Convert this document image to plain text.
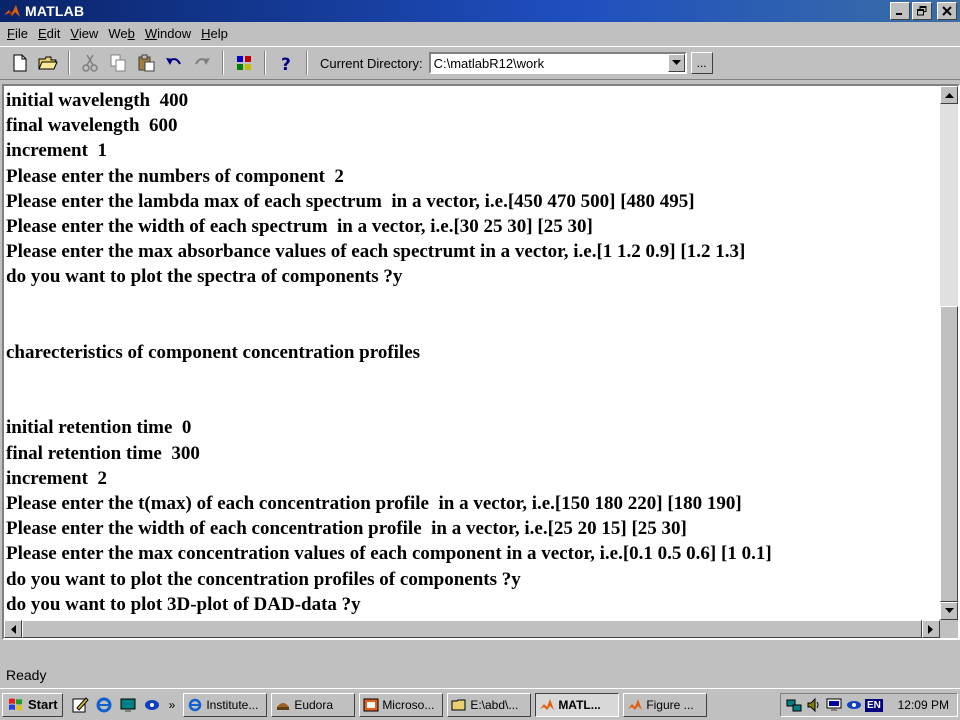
MATLAB
File Edit View Web Window Help
? Current Directory: C:\matlabR12\work	...
initial wavelength  400
final wavelength  600
increment  1
Please enter the numbers of component  2
Please enter the lambda max of each spectrum  in a vector, i.e.[450 470 500] [480 495]
Please enter the width of each spectrum  in a vector, i.e.[30 25 30] [25 30]
Please enter the max absorbance values of each spectrumt in a vector, i.e.[1 1.2 0.9] [1.2 1.3]
do you want to plot the spectra of components ?y
charecteristics of component concentration profiles
initial retention time  0
final retention time  300
increment  2
Please enter the t(max) of each concentration profile  in a vector, i.e.[150 180 220] [180 190]
Please enter the width of each concentration profile  in a vector, i.e.[25 20 15] [25 30]
Please enter the max concentration values of each component in a vector, i.e.[0.1 0.5 0.6] [1 0.1]
do you want to plot the concentration profiles of components ?y
do you want to plot 3D-plot of DAD-data ?y
Ready
Start	»	Institute...	Eudora	Microso...	E:\abd\...	MATL...	Figure ...	EN 12:09 PM
